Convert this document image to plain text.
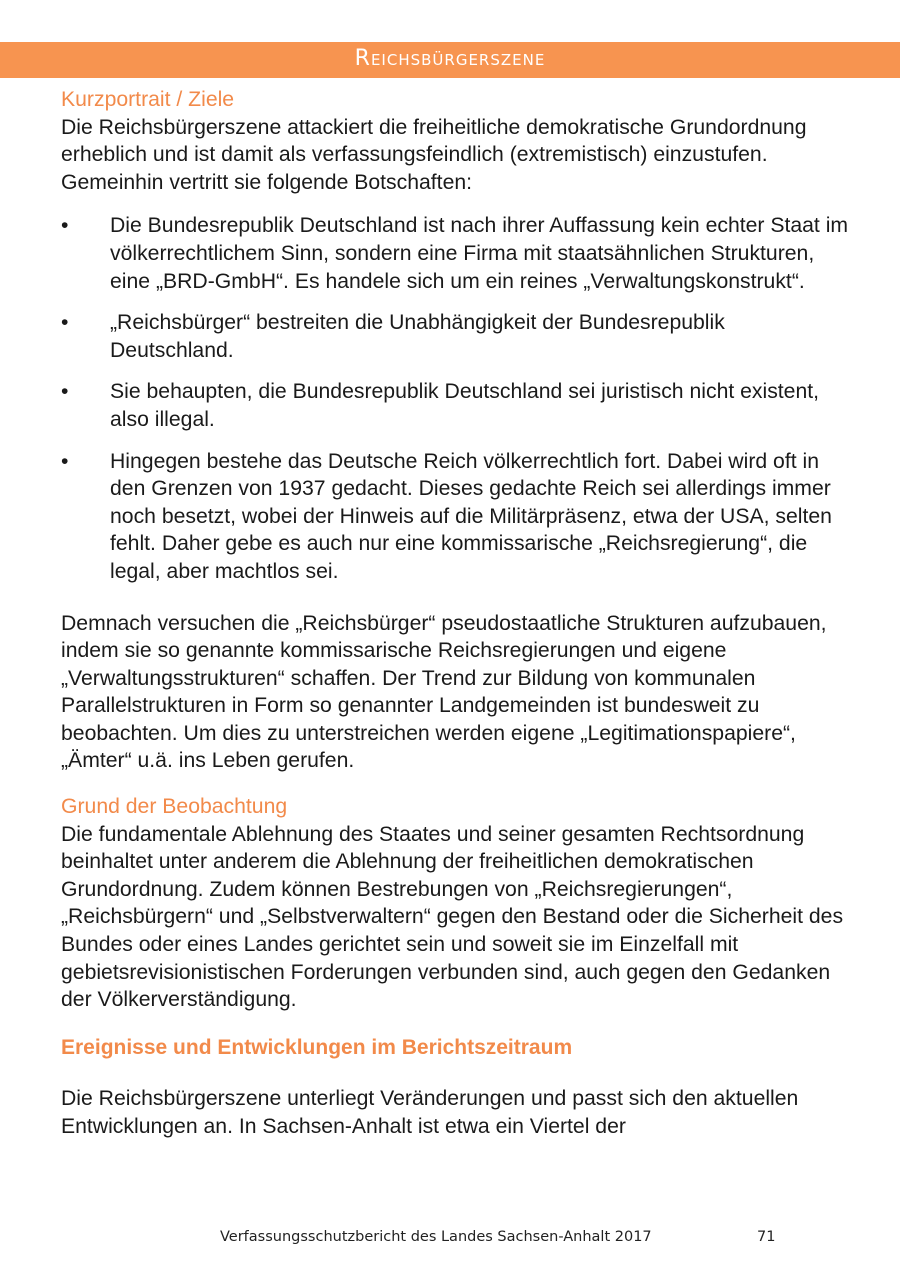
Reichsbürgerszene
Kurzportrait / Ziele

Die Reichsbürgerszene attackiert die freiheitliche demokratische Grundordnung erheblich und ist damit als verfassungsfeindlich (extremistisch) einzustufen. Gemeinhin vertritt sie folgende Botschaften:

• Die Bundesrepublik Deutschland ist nach ihrer Auffassung kein echter Staat im völkerrechtlichem Sinn, sondern eine Firma mit staatsähnlichen Strukturen, eine „BRD-GmbH“. Es handele sich um ein reines „Verwaltungskonstrukt“.
• „Reichsbürger“ bestreiten die Unabhängigkeit der Bundesrepublik Deutschland.
• Sie behaupten, die Bundesrepublik Deutschland sei juristisch nicht existent, also illegal.
• Hingegen bestehe das Deutsche Reich völkerrechtlich fort. Dabei wird oft in den Grenzen von 1937 gedacht. Dieses gedachte Reich sei allerdings immer noch besetzt, wobei der Hinweis auf die Militärpräsenz, etwa der USA, selten fehlt. Daher gebe es auch nur eine kommissarische „Reichsregierung“, die legal, aber machtlos sei.

Demnach versuchen die „Reichsbürger“ pseudostaatliche Strukturen aufzubauen, indem sie so genannte kommissarische Reichsregierungen und eigene „Verwaltungsstrukturen“ schaffen. Der Trend zur Bildung von kommunalen Parallelstrukturen in Form so genannter Landgemeinden ist bundesweit zu beobachten. Um dies zu unterstreichen werden eigene „Legitimationspapiere“, „Ämter“ u.ä. ins Leben gerufen.

Grund der Beobachtung

Die fundamentale Ablehnung des Staates und seiner gesamten Rechtsordnung beinhaltet unter anderem die Ablehnung der freiheitlichen demokratischen Grundordnung. Zudem können Bestrebungen von „Reichsregierungen“, „Reichsbürgern“ und „Selbstverwaltern“ gegen den Bestand oder die Sicherheit des Bundes oder eines Landes gerichtet sein und soweit sie im Einzelfall mit gebietsrevisionistischen Forderungen verbunden sind, auch gegen den Gedanken der Völkerverständigung.

Ereignisse und Entwicklungen im Berichtszeitraum

Die Reichsbürgerszene unterliegt Veränderungen und passt sich den aktuellen Entwicklungen an. In Sachsen-Anhalt ist etwa ein Viertel der

Verfassungsschutzbericht des Landes Sachsen-Anhalt 2017	71
